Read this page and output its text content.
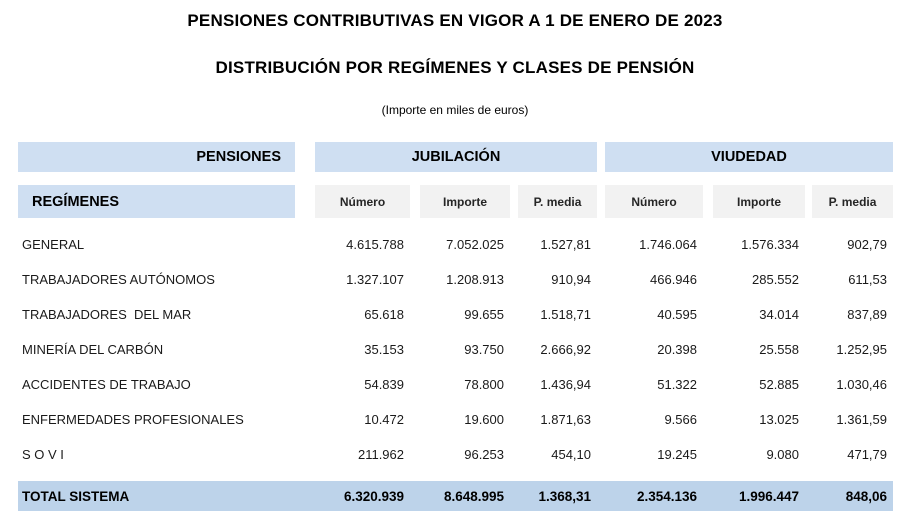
PENSIONES CONTRIBUTIVAS EN VIGOR A 1 DE ENERO DE 2023
DISTRIBUCIÓN POR REGÍMENES Y CLASES DE PENSIÓN
(Importe en miles de euros)
PENSIONES	JUBILACIÓN	VIUDEDAD
REGÍMENES	Número	Importe	P. media	Número	Importe	P. media
GENERAL	4.615.788	7.052.025	1.527,81	1.746.064	1.576.334	902,79
TRABAJADORES AUTÓNOMOS	1.327.107	1.208.913	910,94	466.946	285.552	611,53
TRABAJADORES  DEL MAR	65.618	99.655	1.518,71	40.595	34.014	837,89
MINERÍA DEL CARBÓN	35.153	93.750	2.666,92	20.398	25.558	1.252,95
ACCIDENTES DE TRABAJO	54.839	78.800	1.436,94	51.322	52.885	1.030,46
ENFERMEDADES PROFESIONALES	10.472	19.600	1.871,63	9.566	13.025	1.361,59
S O V I	211.962	96.253	454,10	19.245	9.080	471,79
TOTAL SISTEMA	6.320.939	8.648.995	1.368,31	2.354.136	1.996.447	848,06
